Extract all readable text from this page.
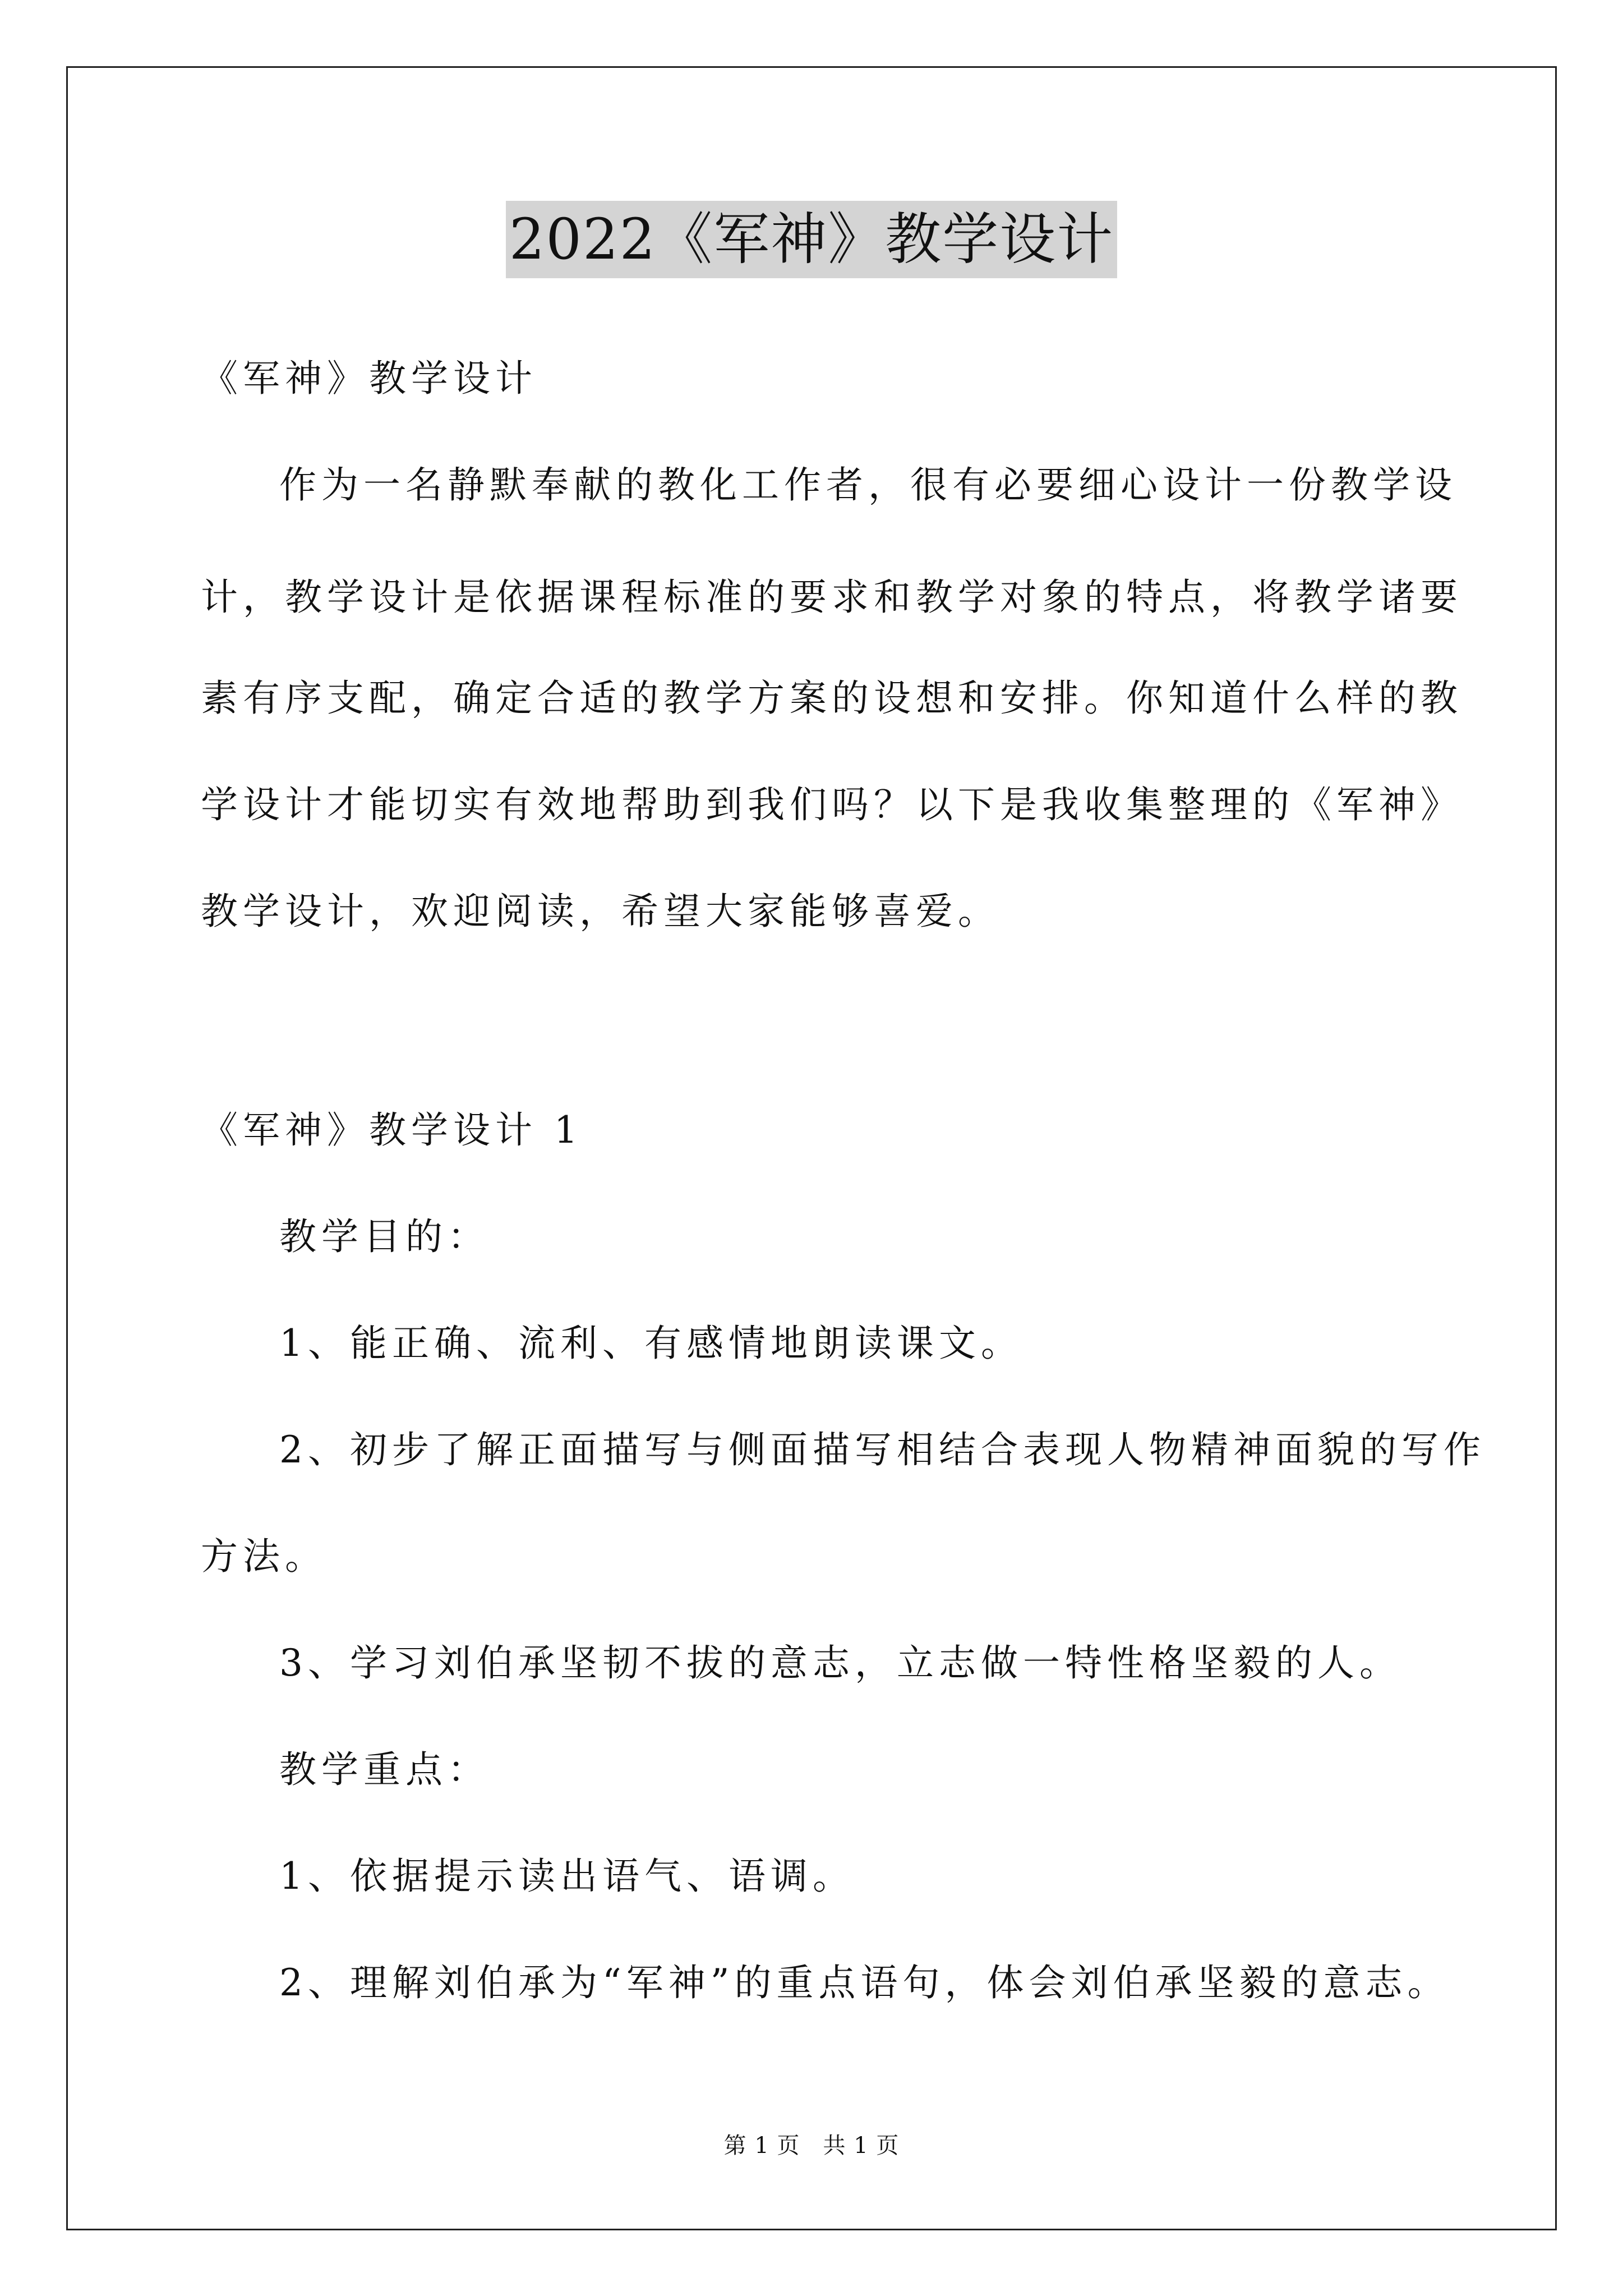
2022《军神》教学设计
《军神》教学设计
作为一名静默奉献的教化工作者，很有必要细心设计一份教学设
计，教学设计是依据课程标准的要求和教学对象的特点，将教学诸要
素有序支配，确定合适的教学方案的设想和安排。你知道什么样的教
学设计才能切实有效地帮助到我们吗？以下是我收集整理的《军神》
教学设计，欢迎阅读，希望大家能够喜爱。
《军神》教学设计 1
教学目的：
1、能正确、流利、有感情地朗读课文。
2、初步了解正面描写与侧面描写相结合表现人物精神面貌的写作
方法。
3、学习刘伯承坚韧不拔的意志，立志做一特性格坚毅的人。
教学重点：
1、依据提示读出语气、语调。
2、理解刘伯承为“军神”的重点语句，体会刘伯承坚毅的意志。
第 1 页　共 1 页
